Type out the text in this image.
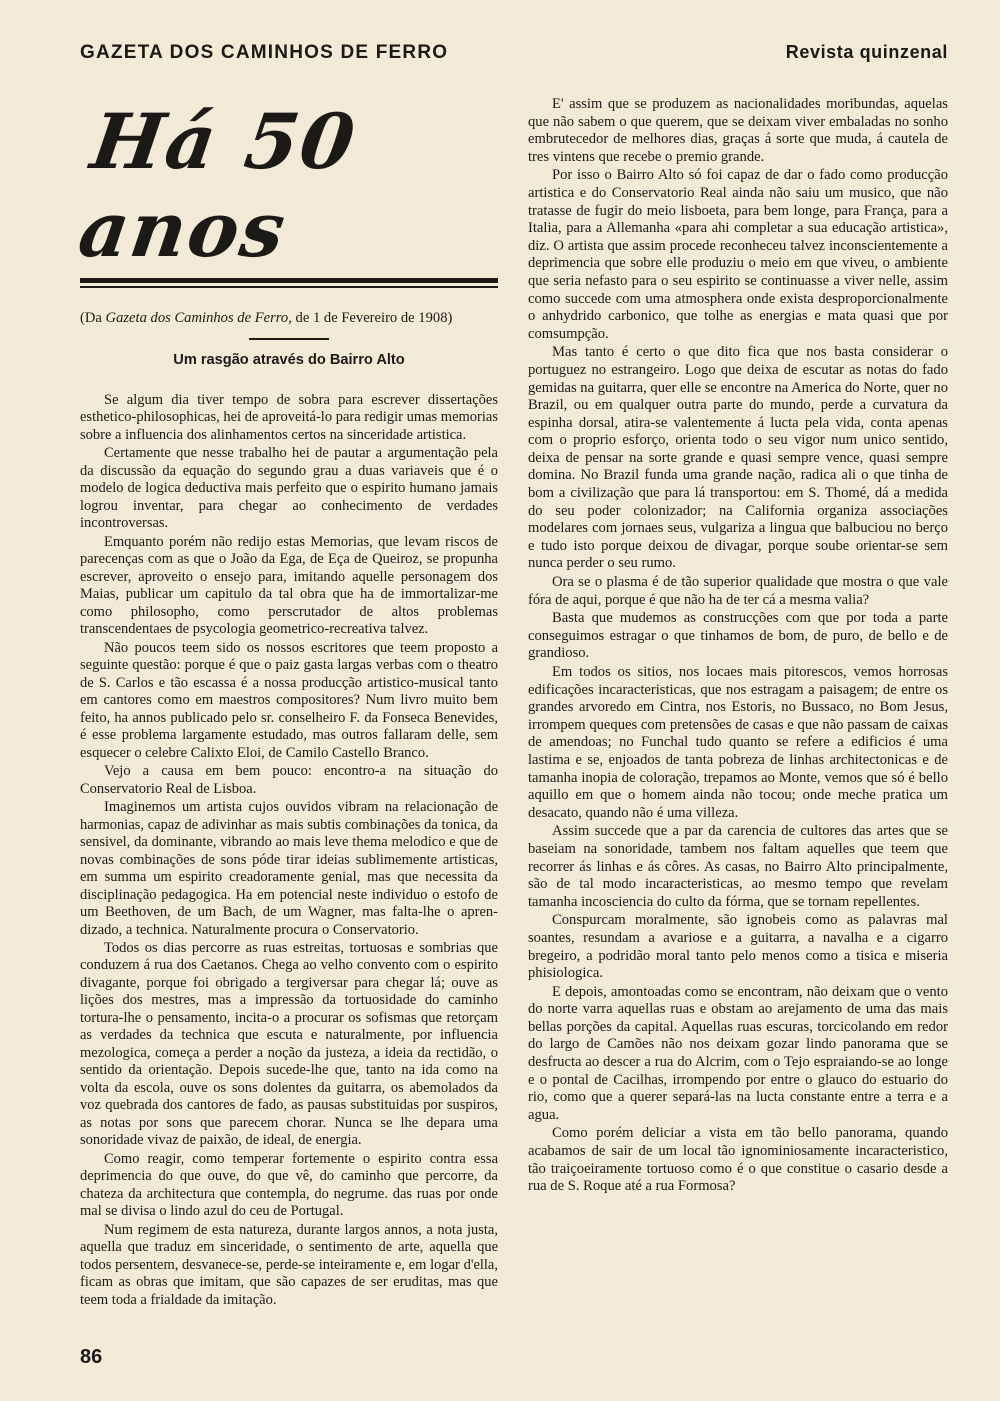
GAZETA DOS CAMINHOS DE FERRO	Revista quinzenal
Há 50 anos
(Da Gazeta dos Caminhos de Ferro, de 1 de Fevereiro de 1908)
Um rasgão através do Bairro Alto

Se algum dia tiver tempo de sobra para escrever dissertações esthetico-philosophicas, hei de aproveitá-lo para redigir umas memorias sobre a influencia dos alinhamentos certos na sinceridade artistica.

Certamente que nesse trabalho hei de pautar a argumentação pela da discussão da equação do segundo grau a duas variaveis que é o modelo de logica deductiva mais perfeito que o espirito humano jamais logrou inventar, para chegar ao conhecimento de verdades incontroversas.

Emquanto porém não redijo estas Memorias, que levam riscos de parecenças com as que o João da Ega, de Eça de Queiroz, se propunha escrever, aproveito o ensejo para, imitando aquelle personagem dos Maias, publicar um capitulo da tal obra que ha de immortalizar-me como philosopho, como perscrutador de altos problemas transcendentaes de psycologia geometrico-recreativa talvez.

Não poucos teem sido os nossos escritores que teem proposto a seguinte questão: porque é que o paiz gasta largas verbas com o theatro de S. Carlos e tão escassa é a nossa producção artistico-musical tanto em cantores como em maestros compositores? Num livro muito bem feito, ha annos publicado pelo sr. conselheiro F. da Fonseca Benevides, é esse problema largamente estudado, mas outros fallaram delle, sem esquecer o celebre Calixto Eloi, de Camilo Castello Branco.

Vejo a causa em bem pouco: encontro-a na situação do Conservatorio Real de Lisboa.

Imaginemos um artista cujos ouvidos vibram na relacionação de harmonias, capaz de adivinhar as mais subtis combinações da tonica, da sensivel, da dominante, vibrando ao mais leve thema melodico e que de novas combinações de sons póde tirar ideias sublimemente artisticas, em summa um espirito creadoramente genial, mas que necessita da disciplinação pedagogica. Ha em potencial neste individuo o estofo de um Beethoven, de um Bach, de um Wagner, mas falta-lhe o aprendizado, a technica. Naturalmente procura o Conservatorio.

Todos os dias percorre as ruas estreitas, tortuosas e sombrias que conduzem á rua dos Caetanos. Chega ao velho convento com o espirito divagante, porque foi obrigado a tergiversar para chegar lá; ouve as lições dos mestres, mas a impressão da tortuosidade do caminho tortura-lhe o pensamento, incita-o a procurar os sofismas que retorçam as verdades da technica que escuta e naturalmente, por influencia mezologica, começa a perder a noção da justeza, a ideia da rectidão, o sentido da orientação. Depois sucede-lhe que, tanto na ida como na volta da escola, ouve os sons dolentes da guitarra, os abemolados da voz quebrada dos cantores de fado, as pausas substituidas por suspiros, as notas por sons que parecem chorar. Nunca se lhe depara uma sonoridade vivaz de paixão, de ideal, de energia.

Como reagir, como temperar fortemente o espirito contra essa deprimencia do que ouve, do que vê, do caminho que percorre, da chateza da architectura que contempla, do negrume. das ruas por onde mal se divisa o lindo azul do ceu de Portugal.

Num regimem de esta natureza, durante largos annos, a nota justa, aquella que traduz em sinceridade, o sentimento de arte, aquella que todos persentem, desvanece-se, perde-se inteiramente e, em logar d'ella, ficam as obras que imitam, que são capazes de ser eruditas, mas que teem toda a frialdade da imitação.

E' assim que se produzem as nacionalidades moribundas, aquelas que não sabem o que querem, que se deixam viver embaladas no sonho embrutecedor de melhores dias, graças á sorte que muda, á cautela de tres vintens que recebe o premio grande.

Por isso o Bairro Alto só foi capaz de dar o fado como producção artistica e do Conservatorio Real ainda não saiu um musico, que não tratasse de fugir do meio lisboeta, para bem longe, para França, para a Italia, para a Allemanha «para ahi completar a sua educação artistica», diz. O artista que assim procede reconheceu talvez inconscientemente a deprimencia que sobre elle produziu o meio em que viveu, o ambiente que seria nefasto para o seu espirito se continuasse a viver nelle, assim como succede com uma atmosphera onde exista desproporcionalmente o anhydrido carbonico, que tolhe as energias e mata quasi que por comsumpção.

Mas tanto é certo o que dito fica que nos basta considerar o portuguez no estrangeiro. Logo que deixa de escutar as notas do fado gemidas na guitarra, quer elle se encontre na America do Norte, quer no Brazil, ou em qualquer outra parte do mundo, perde a curvatura da espinha dorsal, atira-se valentemente á lucta pela vida, conta apenas com o proprio esforço, orienta todo o seu vigor num unico sentido, deixa de pensar na sorte grande e quasi sempre vence, quasi sempre domina. No Brazil funda uma grande nação, radica ali o que tinha de bom a civilização que para lá transportou: em S. Thomé, dá a medida do seu poder colonizador; na California organiza associações modelares com jornaes seus, vulgariza a lingua que balbuciou no berço e tudo isto porque deixou de divagar, porque soube orientar-se sem nunca perder o seu rumo.

Ora se o plasma é de tão superior qualidade que mostra o que vale fóra de aqui, porque é que não ha de ter cá a mesma valia?

Basta que mudemos as construcções com que por toda a parte conseguimos estragar o que tinhamos de bom, de puro, de bello e de grandioso.

Em todos os sitios, nos locaes mais pitorescos, vemos horrosas edificações incaracteristicas, que nos estragam a paisagem; de entre os grandes arvoredo em Cintra, nos Estoris, no Bussaco, no Bom Jesus, irrompem queques com pretensões de casas e que não passam de caixas de amendoas; no Funchal tudo quanto se refere a edificios é uma lastima e se, enjoados de tanta pobreza de linhas architectonicas e de tamanha inopia de coloração, trepamos ao Monte, vemos que só é bello aquillo em que o homem ainda não tocou; onde meche pratica um desacato, quando não é uma villeza.

Assim succede que a par da carencia de cultores das artes que se baseiam na sonoridade, tambem nos faltam aquelles que teem que recorrer ás linhas e ás côres. As casas, no Bairro Alto principalmente, são de tal modo incaracteristicas, ao mesmo tempo que revelam tamanha incosciencia do culto da fórma, que se tornam repellentes.

Conspurcam moralmente, são ignobeis como as palavras mal soantes, resundam a avariose e a guitarra, a navalha e a cigarro bregeiro, a podridão moral tanto pelo menos como a tisica e miseria phisiologica.

E depois, amontoadas como se encontram, não deixam que o vento do norte varra aquellas ruas e obstam ao arejamento de uma das mais bellas porções da capital. Aquellas ruas escuras, torcicolando em redor do largo de Camões não nos deixam gozar lindo panorama que se desfructa ao descer a rua do Alcrim, com o Tejo espraiando-se ao longe e o pontal de Cacilhas, irrompendo por entre o glauco do estuario do rio, como que a querer separá-las na lucta constante entre a terra e a agua.

Como porém deliciar a vista em tão bello panorama, quando acabamos de sair de um local tão ignominiosamente incaracteristico, tão traiçoeiramente tortuoso como é o que constitue o casario desde a rua de S. Roque até a rua Formosa?

86
